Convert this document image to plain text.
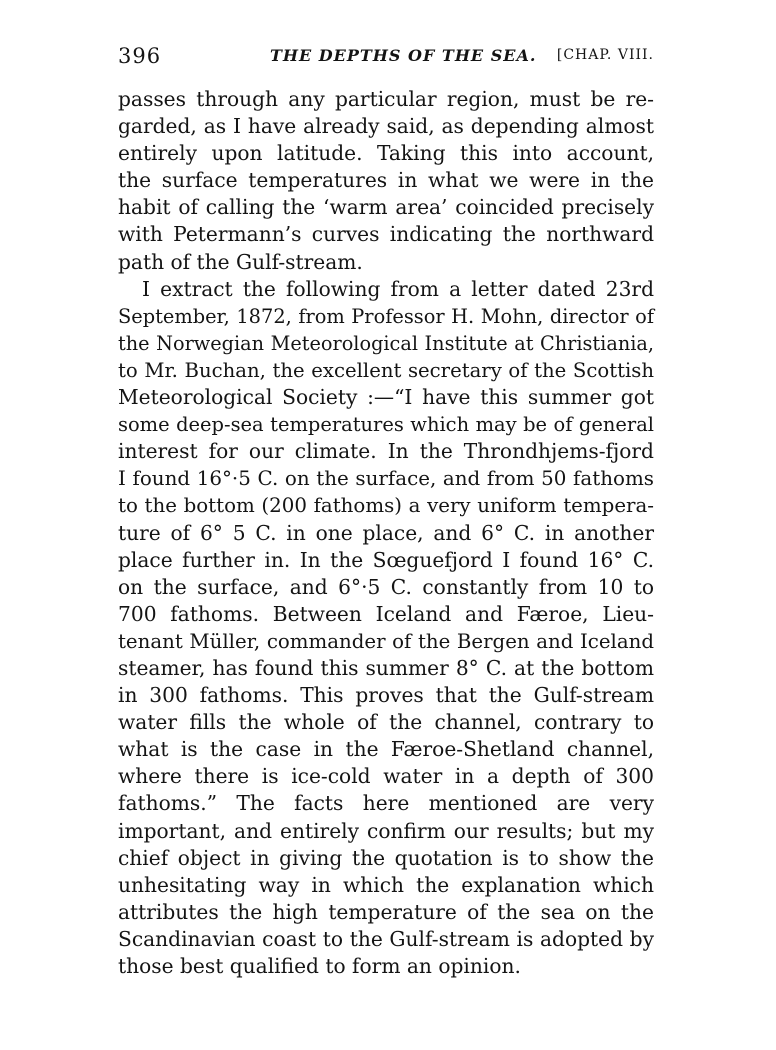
396	THE DEPTHS OF THE SEA. [CHAP. VIII.
passes through any particular region, must be re-
garded, as I have already said, as depending almost
entirely upon latitude. Taking this into account,
the surface temperatures in what we were in the
habit of calling the ‘warm area’ coincided precisely
with Petermann’s curves indicating the northward
path of the Gulf-stream.
I extract the following from a letter dated 23rd
September, 1872, from Professor H. Mohn, director of
the Norwegian Meteorological Institute at Christiania,
to Mr. Buchan, the excellent secretary of the Scottish
Meteorological Society :—“I have this summer got
some deep-sea temperatures which may be of general
interest for our climate. In the Throndhjems-fjord
I found 16°·5 C. on the surface, and from 50 fathoms
to the bottom (200 fathoms) a very uniform tempera-
ture of 6° 5 C. in one place, and 6° C. in another
place further in. In the Sœguefjord I found 16° C.
on the surface, and 6°·5 C. constantly from 10 to
700 fathoms. Between Iceland and Færoe, Lieu-
tenant Müller, commander of the Bergen and Iceland
steamer, has found this summer 8° C. at the bottom
in 300 fathoms. This proves that the Gulf-stream
water fills the whole of the channel, contrary to
what is the case in the Færoe-Shetland channel,
where there is ice-cold water in a depth of 300
fathoms.” The facts here mentioned are very
important, and entirely confirm our results; but my
chief object in giving the quotation is to show the
unhesitating way in which the explanation which
attributes the high temperature of the sea on the
Scandinavian coast to the Gulf-stream is adopted by
those best qualified to form an opinion.
